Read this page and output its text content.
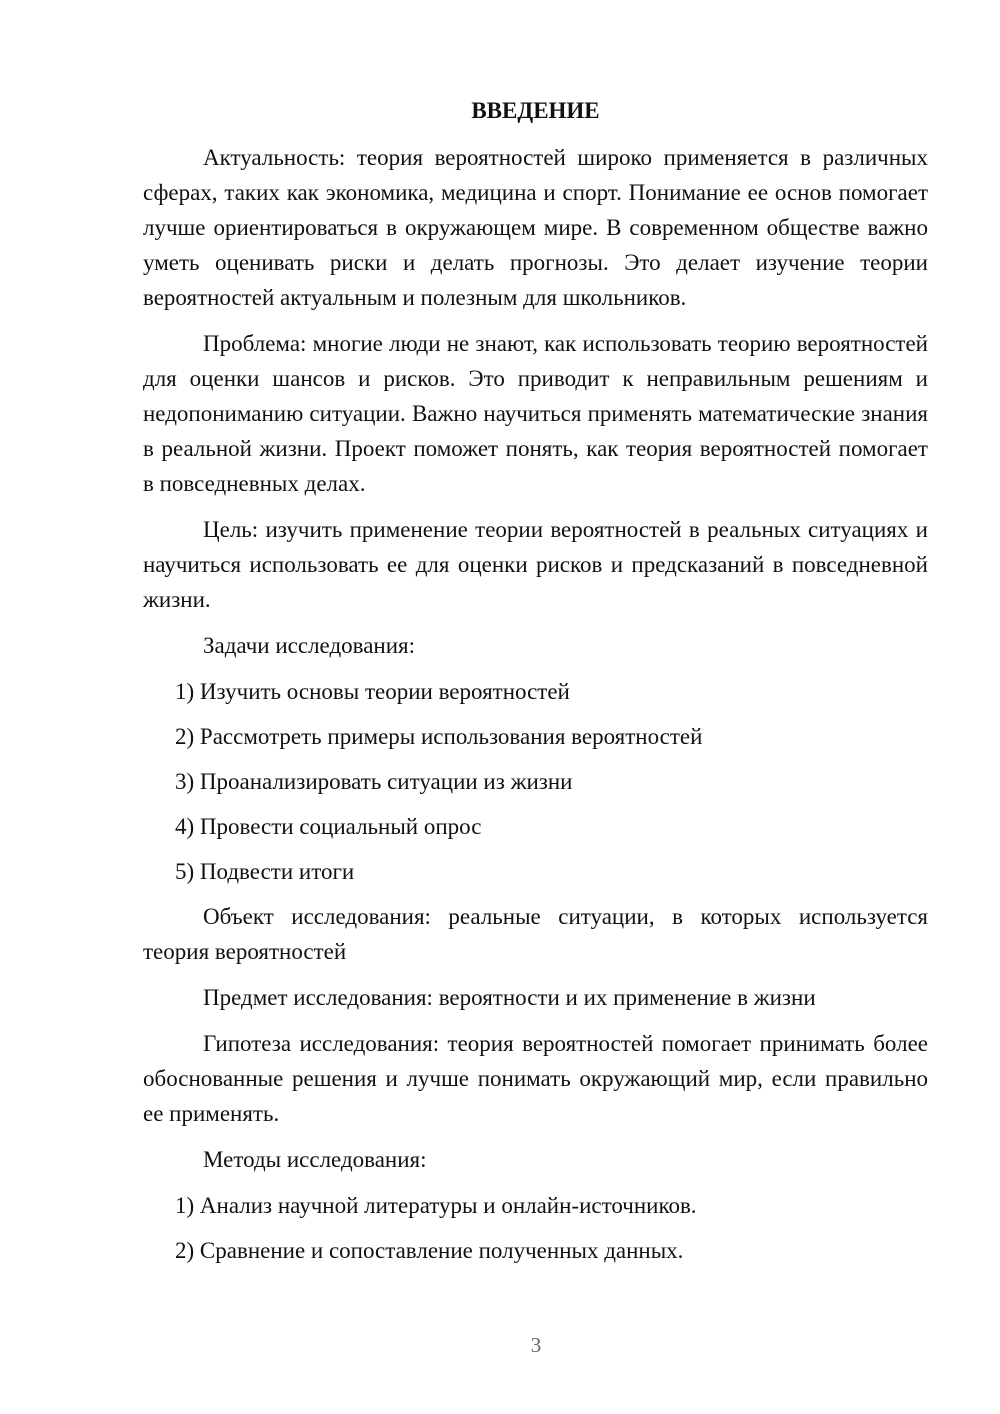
ВВЕДЕНИЕ
Актуальность: теория вероятностей широко применяется в различных сферах, таких как экономика, медицина и спорт. Понимание ее основ помогает лучше ориентироваться в окружающем мире. В современном обществе важно уметь оценивать риски и делать прогнозы. Это делает изучение теории вероятностей актуальным и полезным для школьников.
Проблема: многие люди не знают, как использовать теорию вероятностей для оценки шансов и рисков. Это приводит к неправильным решениям и недопониманию ситуации. Важно научиться применять математические знания в реальной жизни. Проект поможет понять, как теория вероятностей помогает в повседневных делах.
Цель: изучить применение теории вероятностей в реальных ситуациях и научиться использовать ее для оценки рисков и предсказаний в повседневной жизни.
Задачи исследования:
1) Изучить основы теории вероятностей
2) Рассмотреть примеры использования вероятностей
3) Проанализировать ситуации из жизни
4) Провести социальный опрос
5) Подвести итоги
Объект исследования: реальные ситуации, в которых используется теория вероятностей
Предмет исследования: вероятности и их применение в жизни
Гипотеза исследования: теория вероятностей помогает принимать более обоснованные решения и лучше понимать окружающий мир, если правильно ее применять.
Методы исследования:
1) Анализ научной литературы и онлайн-источников.
2) Сравнение и сопоставление полученных данных.
3
